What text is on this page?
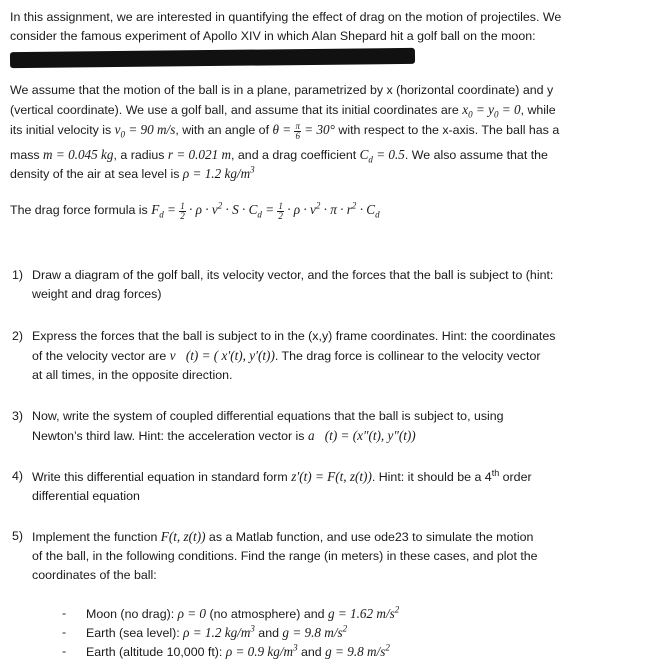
In this assignment, we are interested in quantifying the effect of drag on the motion of projectiles. We

consider the famous experiment of Apollo XIV in which Alan Shepard hit a golf ball on the moon:

We assume that the motion of the ball is in a plane, parametrized by x (horizontal coordinate) and y

(vertical coordinate). We use a golf ball, and assume that its initial coordinates are $x_0 = y_0 = 0$, while

its initial velocity is $v_0 = 90$ m/s, with an angle of $\theta = \frac{\pi}{6} = 30^\circ$ with respect to the x-axis. The ball has a

mass m = 0.045 kg, a radius r = 0.021 m, and a drag coefficient $C_d = 0.5$. We also assume that the

density of the air at sea level is ρ = 1.2 $kg/m^3$

The drag force formula is $F_d = \frac{1}{2} \cdot \rho \cdot v^2 \cdot S \cdot C_d = \frac{1}{2} \cdot \rho \cdot v^2 \cdot \pi \cdot r^2 \cdot C_d$

1) Draw a diagram of the golf ball, its velocity vector, and the forces that the ball is subject to (hint:
weight and drag forces)
2) Express the forces that the ball is subject to in the (x,y) frame coordinates. Hint: the coordinates
of the velocity vector are v⃗(t) = ( x′(t), y′(t)). The drag force is collinear to the velocity vector
at all times, in the opposite direction.
3) Now, write the system of coupled differential equations that the ball is subject to, using
Newton’s third law. Hint: the acceleration vector is a⃗(t) = (x″(t), y″(t))
4) Write this differential equation in standard form z′(t) = F(t, z(t)). Hint: it should be a 4th order
differential equation
5) Implement the function F(t, z(t)) as a Matlab function, and use ode23 to simulate the motion
of the ball, in the following conditions. Find the range (in meters) in these cases, and plot the
coordinates of the ball:
- Moon (no drag): ρ = 0 (no atmosphere) and g = 1.62 $m/s^2$
- Earth (sea level): ρ = 1.2 $kg/m^3$ and g = 9.8 $m/s^2$
- Earth (altitude 10,000 ft): ρ = 0.9 $kg/m^3$ and g = 9.8 $m/s^2$
